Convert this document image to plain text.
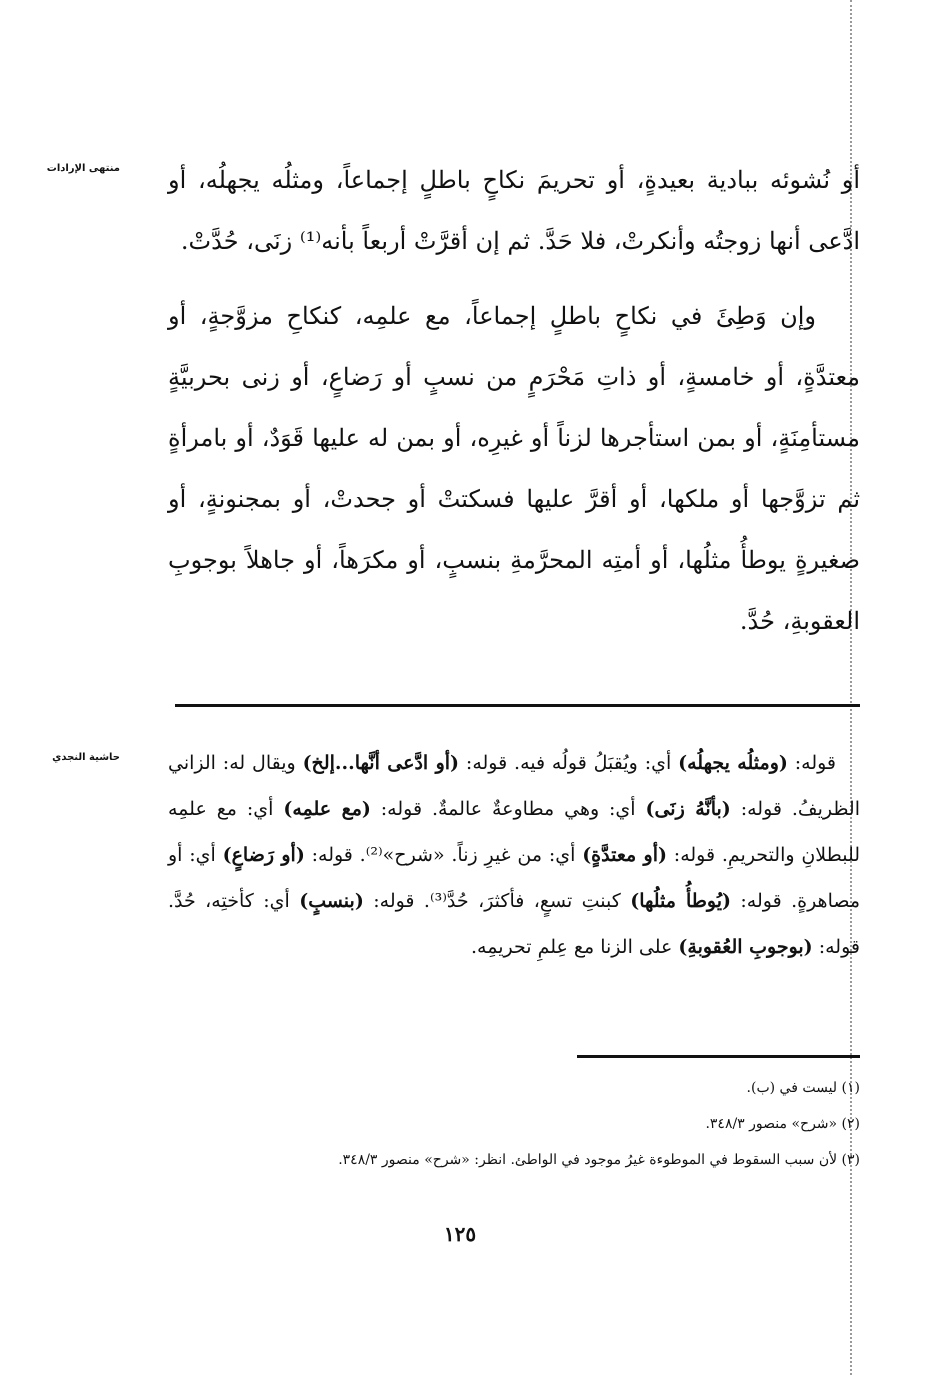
منتهى الإرادات أو نُشوئه ببادية بعيدةٍ، أو تحريمَ نكاحٍ باطلٍ إجماعاً، ومثلُه يجهلُه، أو ادَّعى أنها زوجتُه وأنكرتْ، فلا حَدَّ. ثم إن أقرَّتْ أربعاً بأنه⁽¹⁾ زنَى، حُدَّتْ.

وإن وَطِئَ في نكاحٍ باطلٍ إجماعاً، مع علمِه، كنكاحِ مزوَّجةٍ، أو معتدَّةٍ، أو خامسةٍ، أو ذاتِ مَحْرَمٍ من نسبٍ أو رَضاعٍ، أو زنى بحربيَّةٍ مستأمِنَةٍ، أو بمن استأجرها لزناً أو غيرِه، أو بمن له عليها قَوَدٌ، أو بامرأةٍ ثم تزوَّجها أو ملكها، أو أقرَّ عليها فسكتتْ أو جحدتْ، أو بمجنونةٍ، أو صغيرةٍ يوطأُ مثلُها، أو أمتِه المحرَّمةِ بنسبٍ، أو مكرَهاً، أو جاهلاً بوجوبِ العقوبةِ، حُدَّ.

حاشية النجدي	قوله: (ومثلُه يجهلُه) أي: ويُقبَلُ قولُه فيه. قوله: (أو ادَّعى أنَّها...إلخ) ويقال له: الزاني الظريفُ. قوله: (بأنَّهُ زنَى) أي: وهي مطاوعةٌ عالمةٌ. قوله: (مع علمِه) أي: مع علمِه للبطلانِ والتحريمِ. قوله: (أو معتدَّةٍ) أي: من غيرِ زناً. «شرح»⁽²⁾. قوله: (أو رَضاعٍ) أي: أو مصاهرةٍ. قوله: (يُوطأُ مثلُها) كبنتِ تسعٍ، فأكثرَ، حُدَّ⁽³⁾. قوله: (بنسبٍ) أي: كأختِه، حُدَّ. قوله: (بوجوبِ العُقوبةِ) على الزنا مع عِلمِ تحريمِه.
(١) ليست في (ب).
(٢) «شرح» منصور ٣٤٨/٣.
(٣) لأن سبب السقوط في الموطوءة غيرُ موجود في الواطئ. انظر: «شرح» منصور ٣٤٨/٣.
١٢٥
